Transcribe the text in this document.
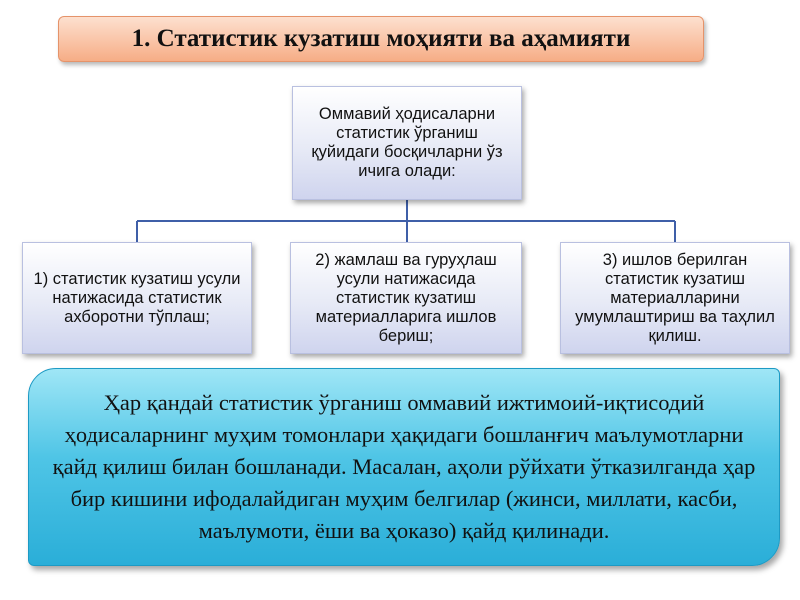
1. Статистик кузатиш моҳияти ва аҳамияти
Оммавий ҳодисаларни статистик ўрганиш қуйидаги босқичларни ўз ичига олади:
1) статистик кузатиш усули натижасида статистик ахборотни тўплаш;
2) жамлаш ва гуруҳлаш усули натижасида статистик кузатиш материалларига ишлов бериш;
3) ишлов берилган статистик кузатиш материалларини умумлаштириш ва таҳлил қилиш.
Ҳар қандай статистик ўрганиш оммавий ижтимоий-иқтисодий ҳодисаларнинг муҳим томонлари ҳақидаги бошланғич маълумотларни қайд қилиш билан бошланади. Масалан, аҳоли рўйхати ўтказилганда ҳар бир кишини ифодалайдиган муҳим белгилар (жинси, миллати, касби, маълумоти, ёши ва ҳоказо) қайд қилинади.
